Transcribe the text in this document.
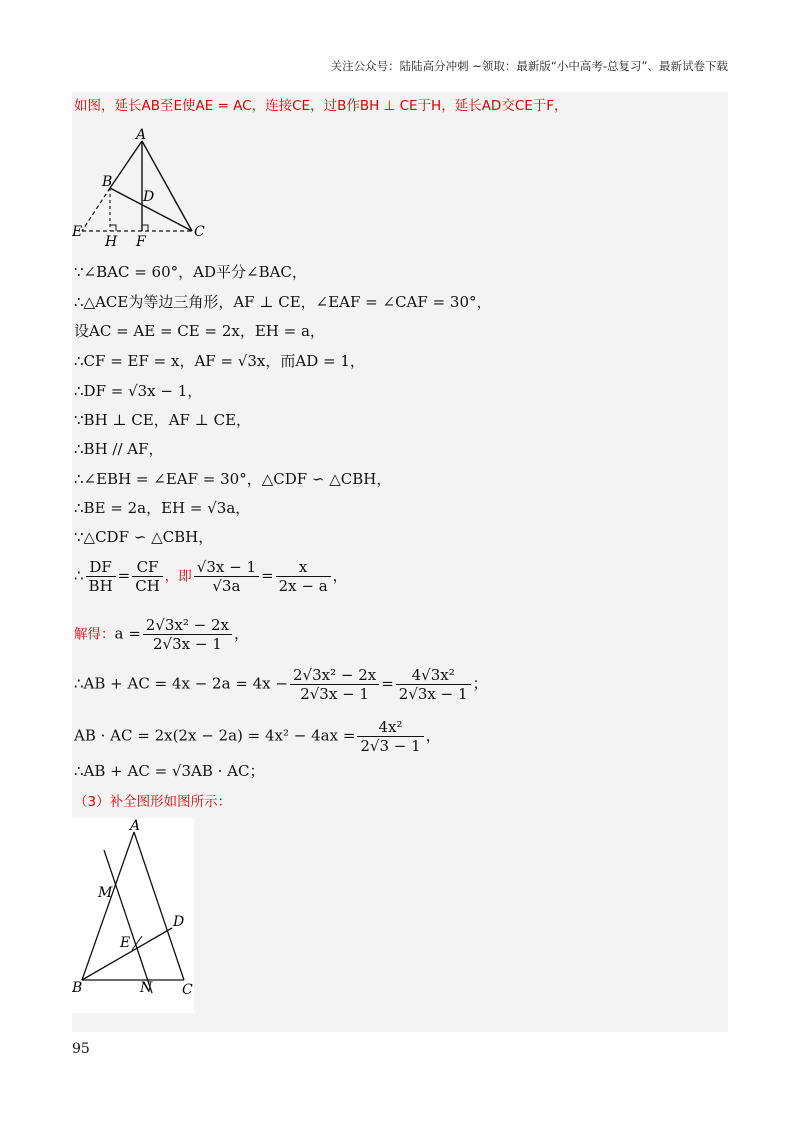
关注公众号：陆陆高分冲刺 ~领取：最新版“小中高考-总复习”、最新试卷下载
如图，延长AB至E使AE = AC，连接CE，过B作BH ⊥ CE于H，延长AD交CE于F，
A
B
D
E
H F
C
∵∠BAC = 60°，AD平分∠BAC，
∴△ACE为等边三角形，AF ⊥ CE，∠EAF = ∠CAF = 30°，
设AC = AE = CE = 2x，EH = a，
∴CF = EF = x，AF = √3x，而AD = 1，
∴DF = √3x − 1，
∵BH ⊥ CE，AF ⊥ CE，
∴BH // AF，
∴∠EBH = ∠EAF = 30°，△CDF ∽ △CBH，
∴BE = 2a，EH = √3a，
∵△CDF ∽ △CBH，
∴ $\frac{DF}{BH} = \frac{CF}{CH}$ ，即 $\frac{√3x - 1}{√3a} = \frac{x}{2x - a}$ ，
解得：$a = \frac{\text{2√3x² − 2x}}{2√3x - 1}$ ，
∴AB + AC = $4x - 2a = 4x - \frac{\text{2√3x² − 2x}}{2√3x - 1} = \frac{\text{4√3x²}}{2√3x - 1}$ ；
AB · AC = $2x(2x - 2a) = 4x^2 - 4ax = \frac{\text{4x²}}{2√3 - 1}$ ，
∴AB + AC = √3AB · AC；
（3）补全图形如图所示：
A
M
D
E
B	N C
95
